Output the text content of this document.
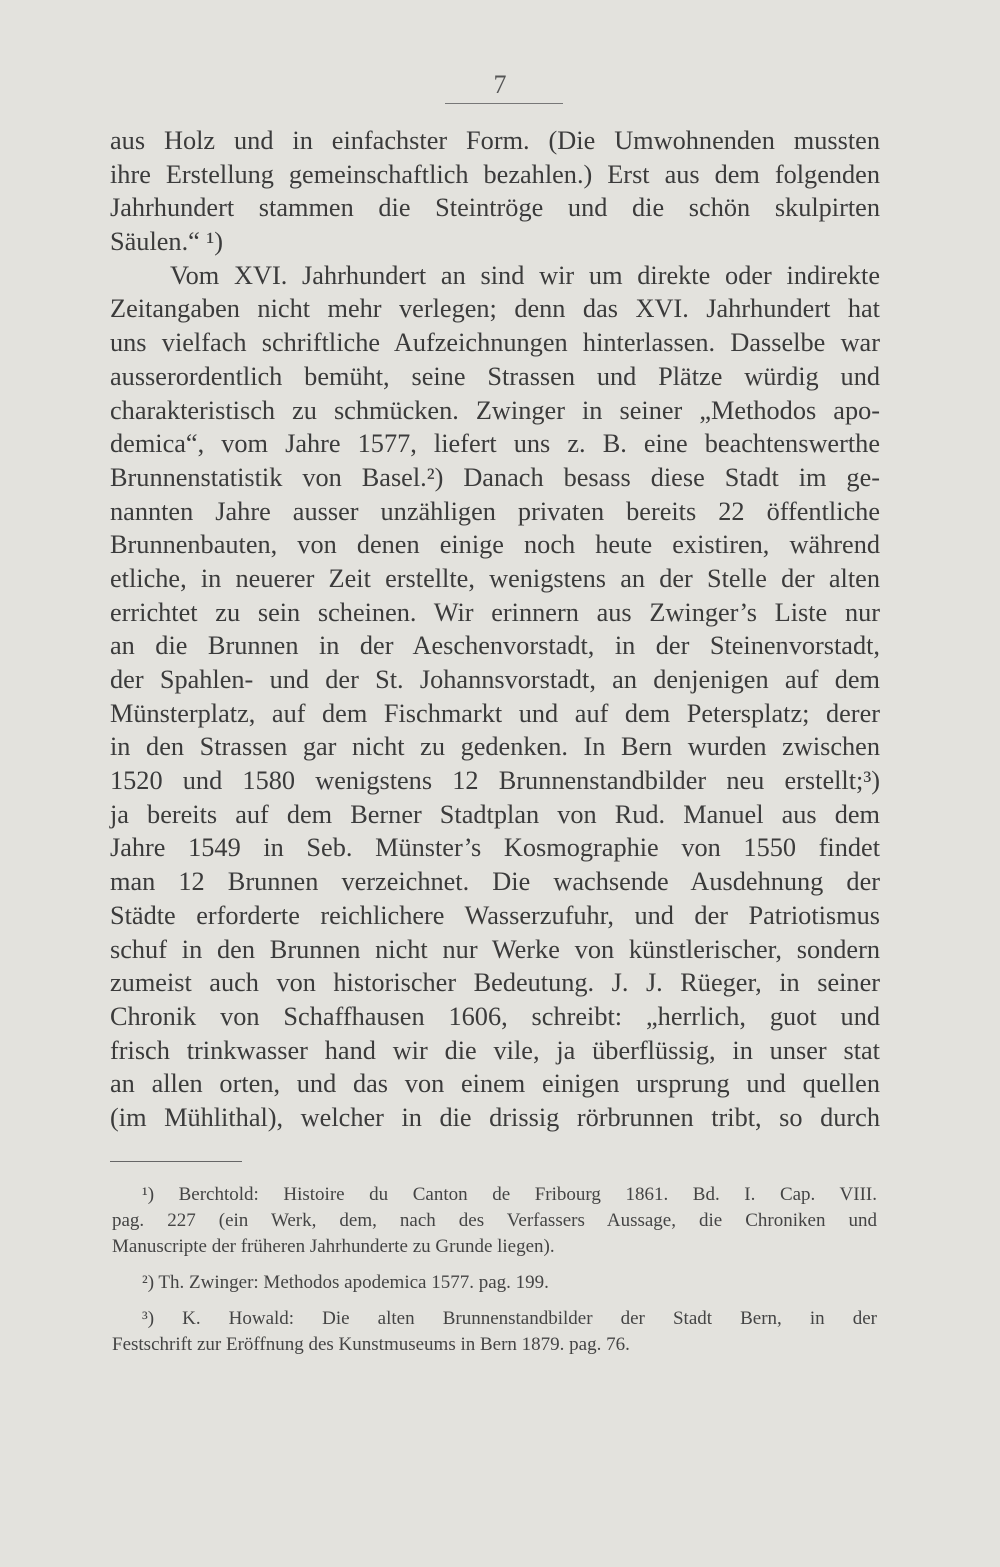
7
aus Holz und in einfachster Form. (Die Umwohnenden mussten
ihre Erstellung gemeinschaftlich bezahlen.) Erst aus dem folgenden
Jahrhundert stammen die Steintröge und die schön skulpirten
Säulen.“ ¹)
Vom XVI. Jahrhundert an sind wir um direkte oder indirekte
Zeitangaben nicht mehr verlegen; denn das XVI. Jahrhundert hat
uns vielfach schriftliche Aufzeichnungen hinterlassen. Dasselbe war
ausserordentlich bemüht, seine Strassen und Plätze würdig und
charakteristisch zu schmücken. Zwinger in seiner „Methodos apo-
demica“, vom Jahre 1577, liefert uns z. B. eine beachtenswerthe
Brunnenstatistik von Basel.²) Danach besass diese Stadt im ge-
nannten Jahre ausser unzähligen privaten bereits 22 öffentliche
Brunnenbauten, von denen einige noch heute existiren, während
etliche, in neuerer Zeit erstellte, wenigstens an der Stelle der alten
errichtet zu sein scheinen. Wir erinnern aus Zwinger’s Liste nur
an die Brunnen in der Aeschenvorstadt, in der Steinenvorstadt,
der Spahlen- und der St. Johannsvorstadt, an denjenigen auf dem
Münsterplatz, auf dem Fischmarkt und auf dem Petersplatz; derer
in den Strassen gar nicht zu gedenken. In Bern wurden zwischen
1520 und 1580 wenigstens 12 Brunnenstandbilder neu erstellt;³)
ja bereits auf dem Berner Stadtplan von Rud. Manuel aus dem
Jahre 1549 in Seb. Münster’s Kosmographie von 1550 findet
man 12 Brunnen verzeichnet. Die wachsende Ausdehnung der
Städte erforderte reichlichere Wasserzufuhr, und der Patriotismus
schuf in den Brunnen nicht nur Werke von künstlerischer, sondern
zumeist auch von historischer Bedeutung. J. J. Rüeger, in seiner
Chronik von Schaffhausen 1606, schreibt: „herrlich, guot und
frisch trinkwasser hand wir die vile, ja überflüssig, in unser stat
an allen orten, und das von einem einigen ursprung und quellen
(im Mühlithal), welcher in die drissig rörbrunnen tribt, so durch
¹) Berchtold: Histoire du Canton de Fribourg 1861. Bd. I. Cap. VIII.
pag. 227 (ein Werk, dem, nach des Verfassers Aussage, die Chroniken und
Manuscripte der früheren Jahrhunderte zu Grunde liegen).
²) Th. Zwinger: Methodos apodemica 1577. pag. 199.
³) K. Howald: Die alten Brunnenstandbilder der Stadt Bern, in der
Festschrift zur Eröffnung des Kunstmuseums in Bern 1879. pag. 76.
